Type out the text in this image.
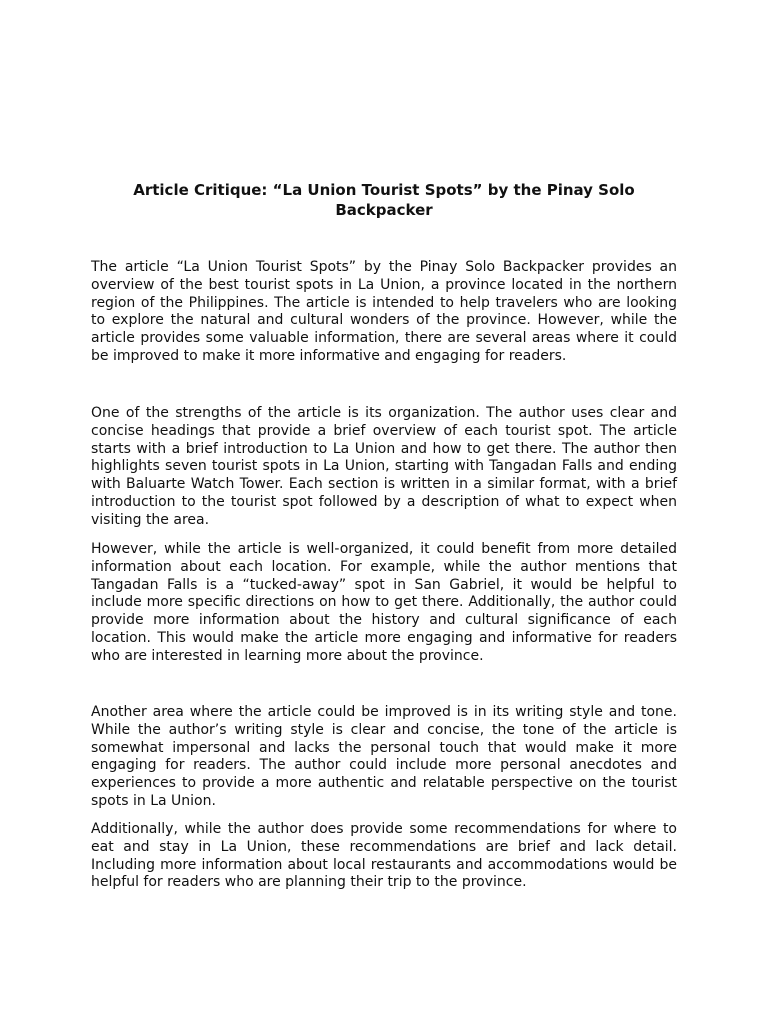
Article Critique: “La Union Tourist Spots” by the Pinay Solo Backpacker

The article “La Union Tourist Spots” by the Pinay Solo Backpacker provides an overview of the best tourist spots in La Union, a province located in the northern region of the Philippines. The article is intended to help travelers who are looking to explore the natural and cultural wonders of the province. However, while the article provides some valuable information, there are several areas where it could be improved to make it more informative and engaging for readers.

One of the strengths of the article is its organization. The author uses clear and concise headings that provide a brief overview of each tourist spot. The article starts with a brief introduction to La Union and how to get there. The author then highlights seven tourist spots in La Union, starting with Tangadan Falls and ending with Baluarte Watch Tower. Each section is written in a similar format, with a brief introduction to the tourist spot followed by a description of what to expect when visiting the area.

However, while the article is well-organized, it could benefit from more detailed information about each location. For example, while the author mentions that Tangadan Falls is a “tucked-away” spot in San Gabriel, it would be helpful to include more specific directions on how to get there. Additionally, the author could provide more information about the history and cultural significance of each location. This would make the article more engaging and informative for readers who are interested in learning more about the province.

Another area where the article could be improved is in its writing style and tone. While the author’s writing style is clear and concise, the tone of the article is somewhat impersonal and lacks the personal touch that would make it more engaging for readers. The author could include more personal anecdotes and experiences to provide a more authentic and relatable perspective on the tourist spots in La Union.

Additionally, while the author does provide some recommendations for where to eat and stay in La Union, these recommendations are brief and lack detail. Including more information about local restaurants and accommodations would be helpful for readers who are planning their trip to the province.
